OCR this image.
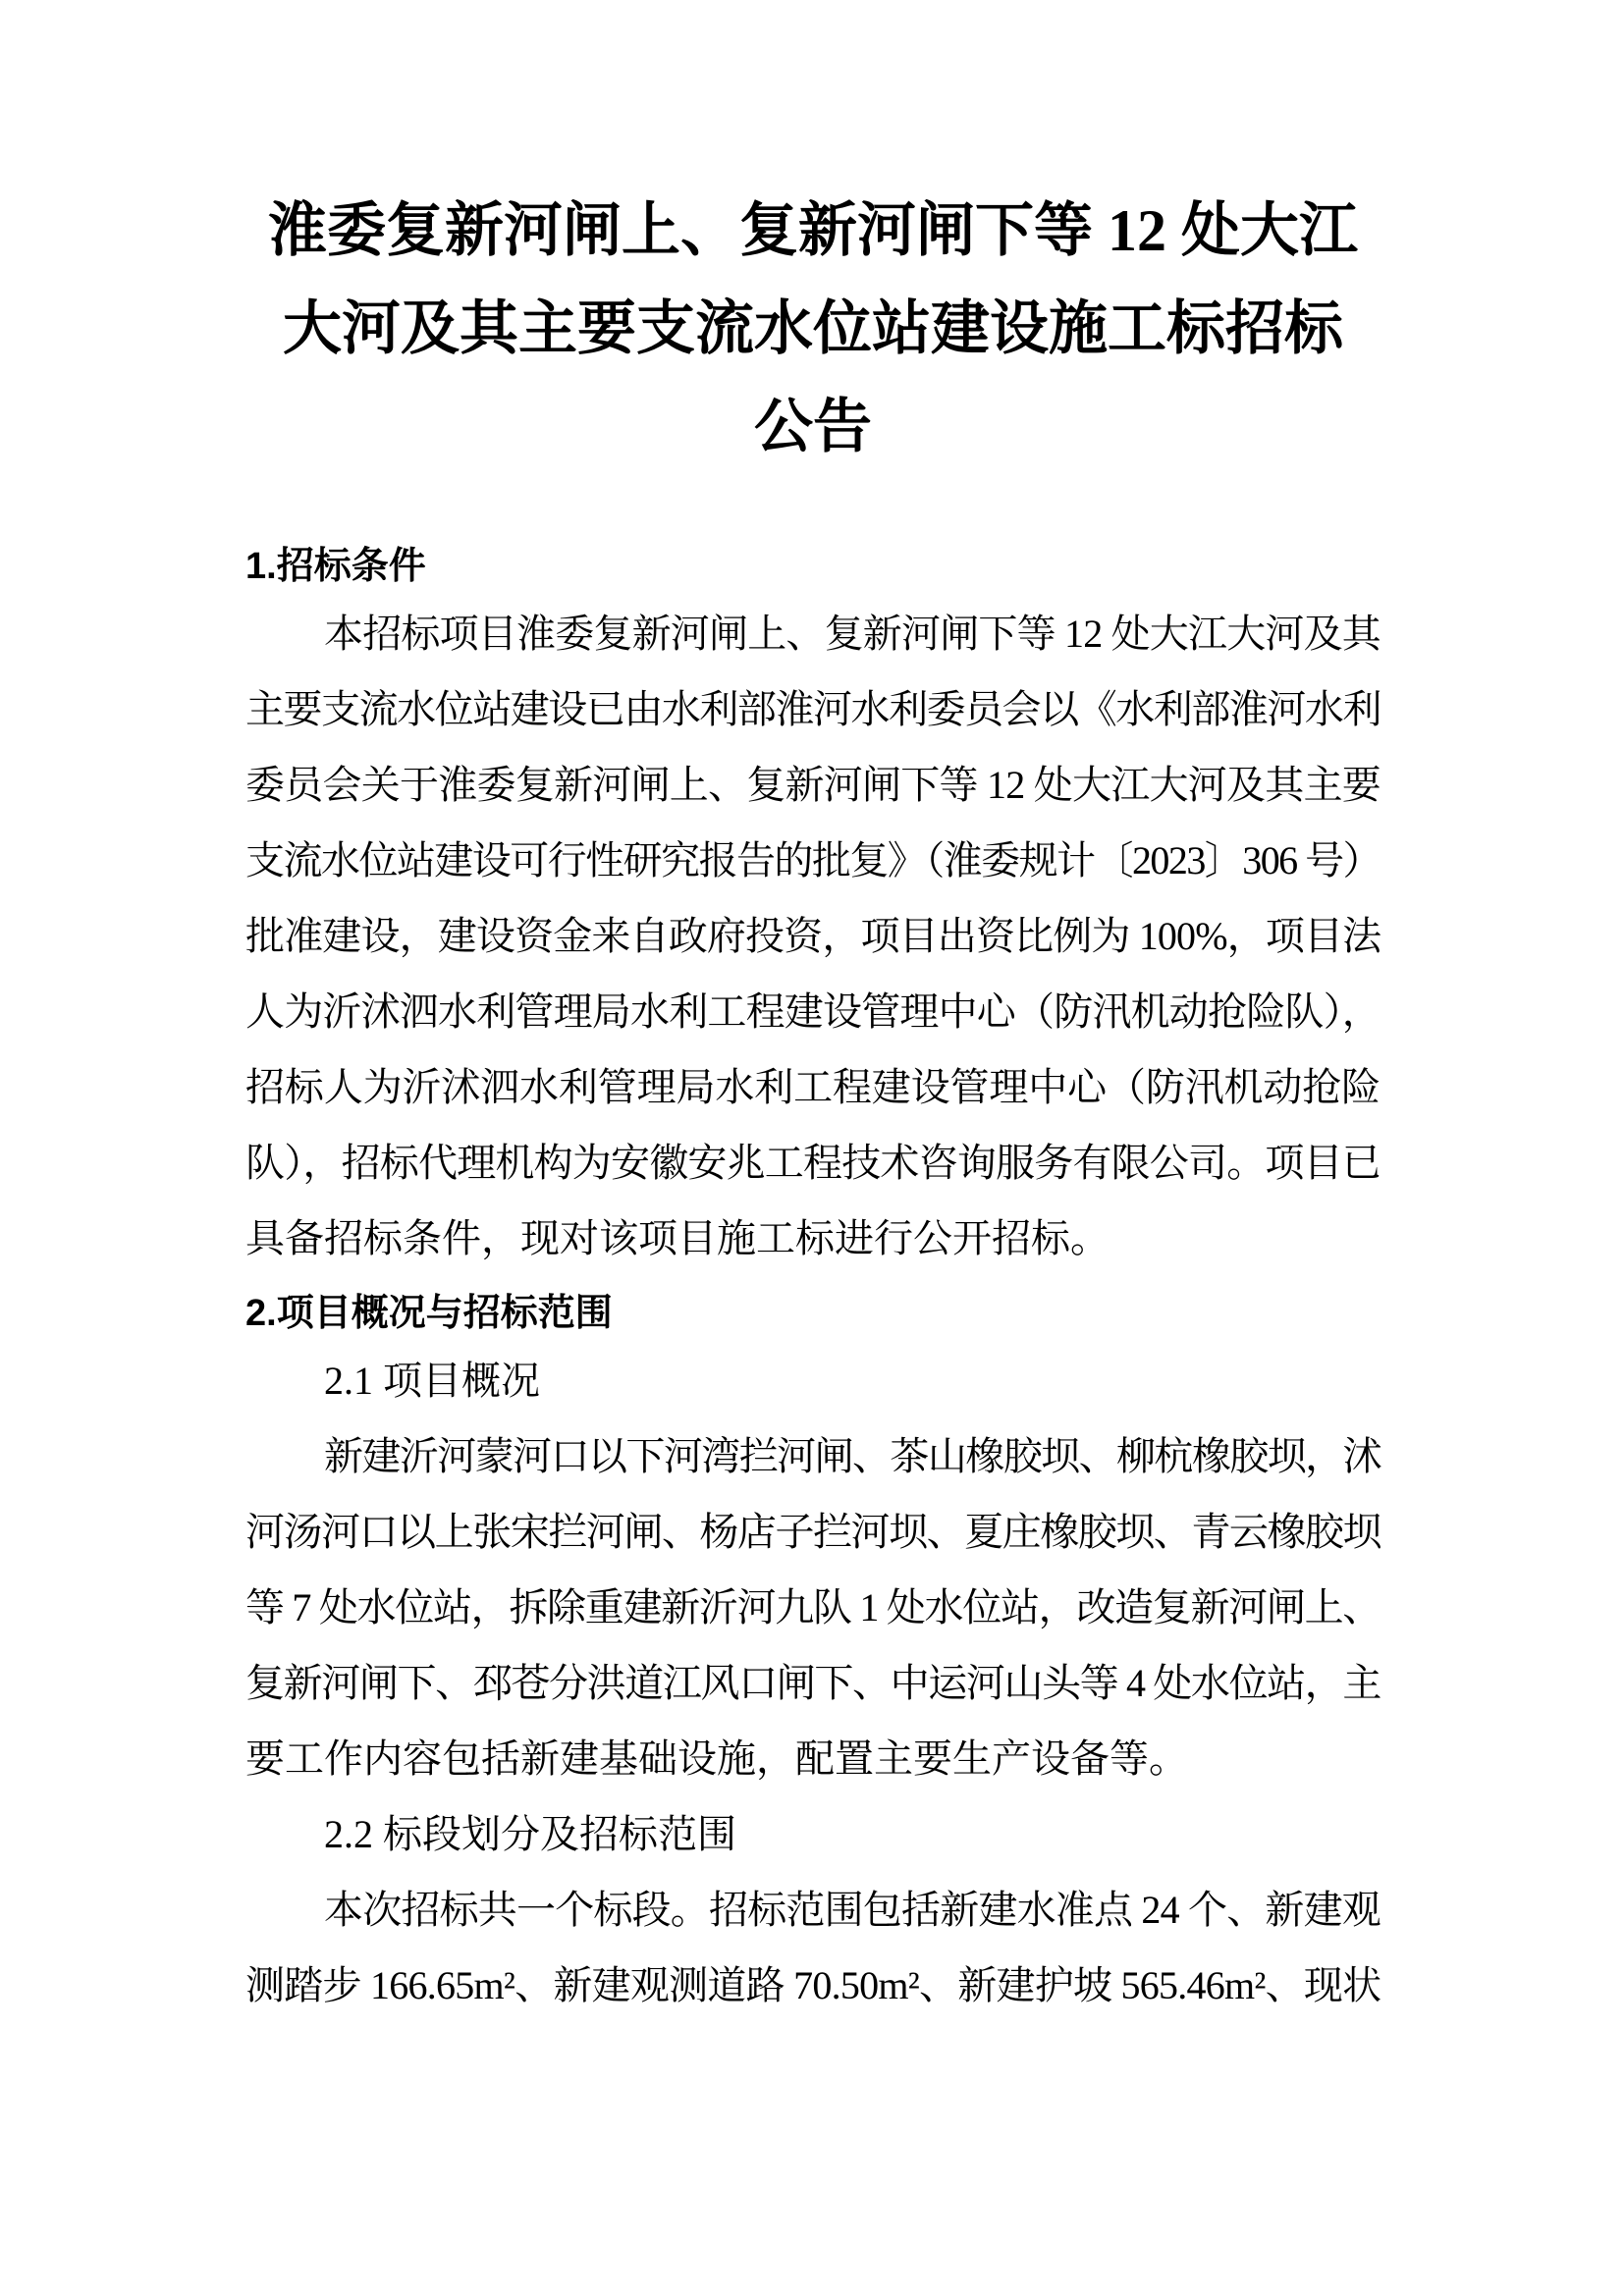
淮委复新河闸上、复新河闸下等 12 处大江
大河及其主要支流水位站建设施工标招标
公告
1.招标条件
本招标项目淮委复新河闸上、复新河闸下等 12 处大江大河及其
主要支流水位站建设已由水利部淮河水利委员会以《水利部淮河水利
委员会关于淮委复新河闸上、复新河闸下等 12 处大江大河及其主要
支流水位站建设可行性研究报告的批复》（淮委规计〔2023〕306 号）
批准建设，建设资金来自政府投资，项目出资比例为 100%，项目法
人为沂沭泗水利管理局水利工程建设管理中心（防汛机动抢险队），
招标人为沂沭泗水利管理局水利工程建设管理中心（防汛机动抢险
队），招标代理机构为安徽安兆工程技术咨询服务有限公司。项目已
具备招标条件，现对该项目施工标进行公开招标。
2.项目概况与招标范围
2.1 项目概况
新建沂河蒙河口以下河湾拦河闸、茶山橡胶坝、柳杭橡胶坝，沭
河汤河口以上张宋拦河闸、杨店子拦河坝、夏庄橡胶坝、青云橡胶坝
等 7 处水位站，拆除重建新沂河九队 1 处水位站，改造复新河闸上、
复新河闸下、邳苍分洪道江风口闸下、中运河山头等 4 处水位站，主
要工作内容包括新建基础设施，配置主要生产设备等。
2.2 标段划分及招标范围
本次招标共一个标段。招标范围包括新建水准点 24 个、新建观
测踏步 166.65m²、新建观测道路 70.50m²、新建护坡 565.46m²、现状
